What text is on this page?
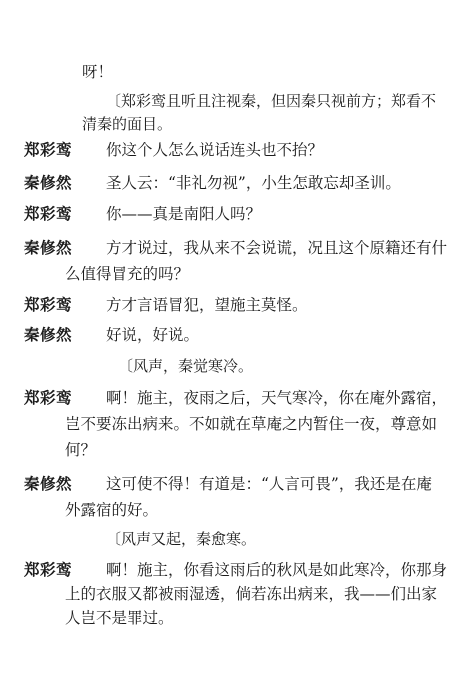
呀！
〔郑彩鸾且听且注视秦，但因秦只视前方；郑看不
清秦的面目。
郑彩鸾 你这个人怎么说话连头也不抬？
秦修然 圣人云：“非礼勿视”，小生怎敢忘却圣训。
郑彩鸾 你——真是南阳人吗？
秦修然 方才说过，我从来不会说谎，况且这个原籍还有什
么值得冒充的吗？
郑彩鸾 方才言语冒犯，望施主莫怪。
秦修然 好说，好说。
〔风声，秦觉寒冷。
郑彩鸾 啊！施主，夜雨之后，天气寒冷，你在庵外露宿，
岂不要冻出病来。不如就在草庵之内暂住一夜，尊意如
何？
秦修然 这可使不得！有道是：“人言可畏”，我还是在庵
外露宿的好。
〔风声又起，秦愈寒。
郑彩鸾 啊！施主，你看这雨后的秋风是如此寒冷，你那身
上的衣服又都被雨湿透，倘若冻出病来，我——们出家
人岂不是罪过。
